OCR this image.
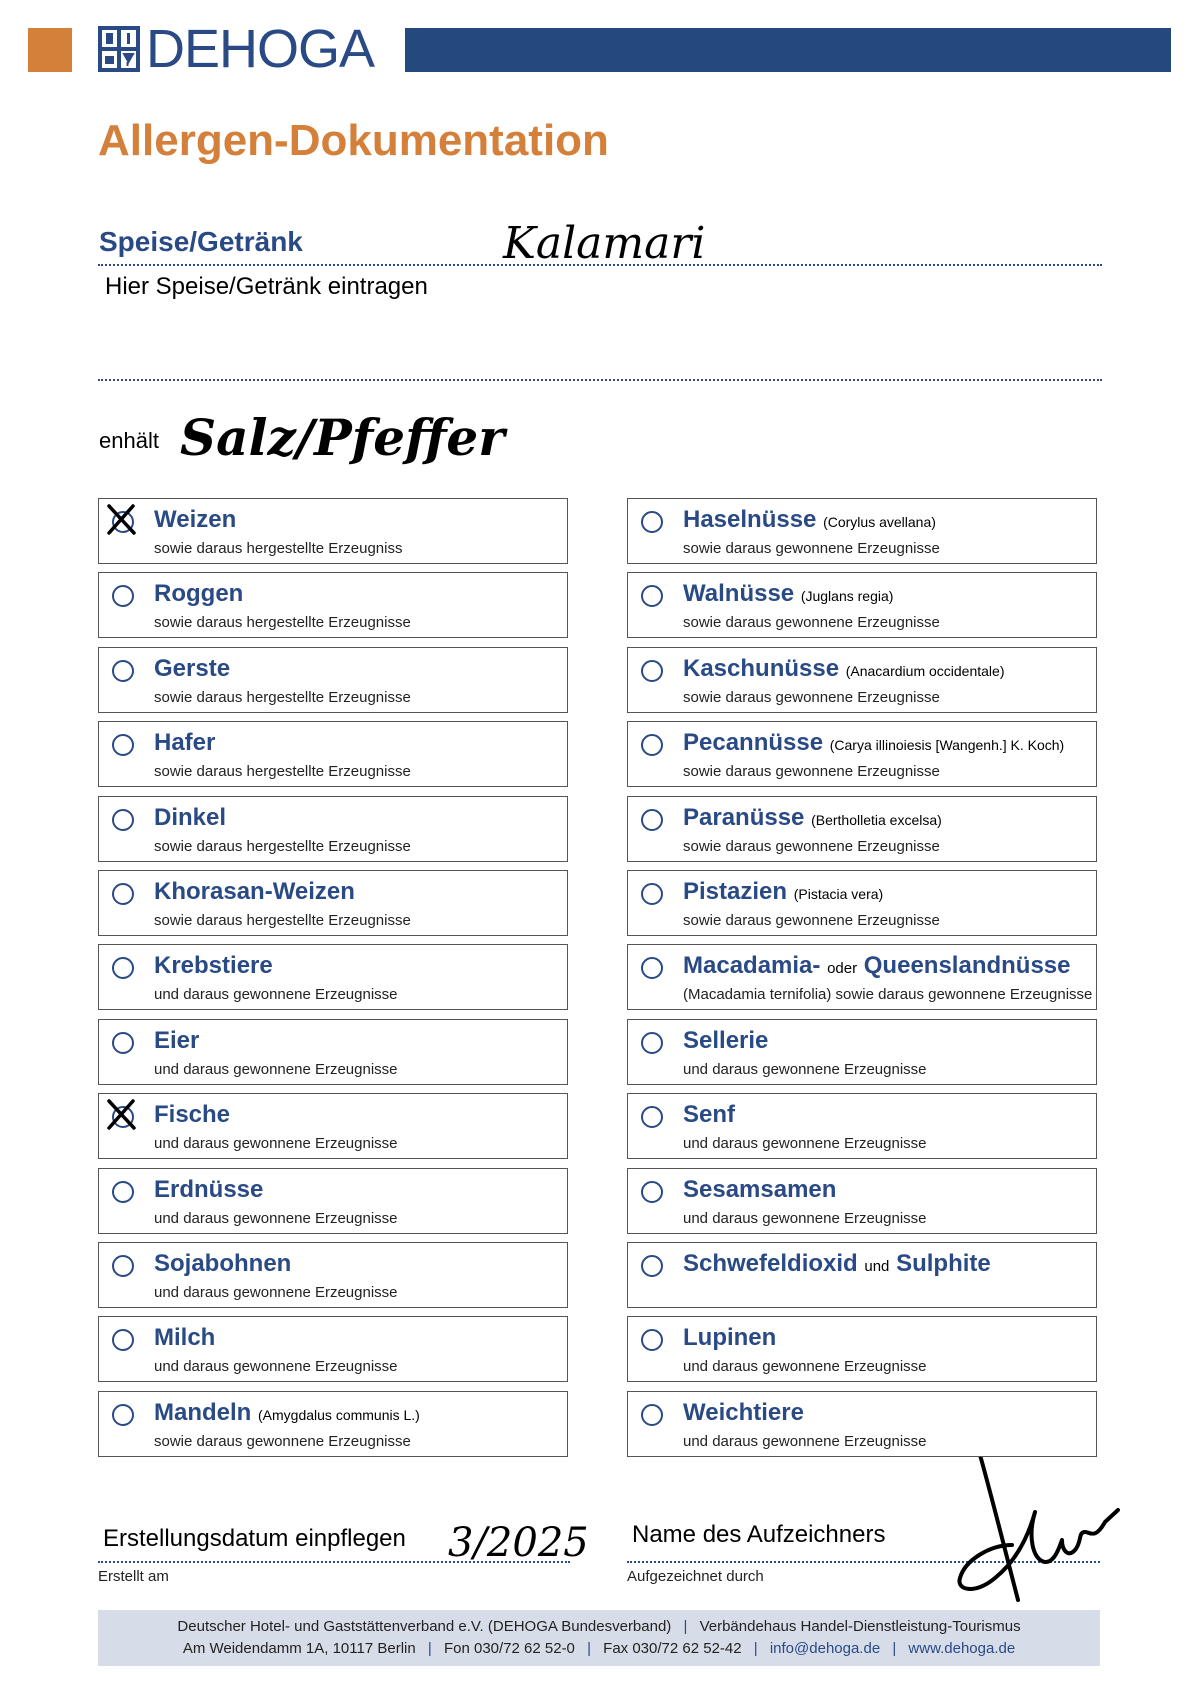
DEHOGA
Allergen-Dokumentation
Speise/Getränk	Kalamari
Hier Speise/Getränk eintragen
enhält Salz/Pfeffer
Erstellungsdatum einpflegen 3/2025
Erstellt am
Name des Aufzeichners
Aufgezeichnet durch
Deutscher Hotel- und Gaststättenverband e.V. (DEHOGA Bundesverband) | Verbändehaus Handel-Dienstleistung-Tourismus
Am Weidendamm 1A, 10117 Berlin | Fon 030/72 62 52-0 | Fax 030/72 62 52-42 | info@dehoga.de | www.dehoga.de
Weizen
sowie daraus hergestellte Erzeugniss
Roggen
sowie daraus hergestellte Erzeugnisse
Gerste
sowie daraus hergestellte Erzeugnisse
Hafer
sowie daraus hergestellte Erzeugnisse
Dinkel
sowie daraus hergestellte Erzeugnisse
Khorasan-Weizen
sowie daraus hergestellte Erzeugnisse
Krebstiere
und daraus gewonnene Erzeugnisse
Eier
und daraus gewonnene Erzeugnisse
Fische
und daraus gewonnene Erzeugnisse
Erdnüsse
und daraus gewonnene Erzeugnisse
Sojabohnen
und daraus gewonnene Erzeugnisse
Milch
und daraus gewonnene Erzeugnisse
Mandeln (Amygdalus communis L.)
sowie daraus gewonnene Erzeugnisse
Haselnüsse (Corylus avellana)
sowie daraus gewonnene Erzeugnisse
Walnüsse (Juglans regia)
sowie daraus gewonnene Erzeugnisse
Kaschunüsse (Anacardium occidentale)
sowie daraus gewonnene Erzeugnisse
Pecannüsse (Carya illinoiesis [Wangenh.] K. Koch)
sowie daraus gewonnene Erzeugnisse
Paranüsse (Bertholletia excelsa)
sowie daraus gewonnene Erzeugnisse
Pistazien (Pistacia vera)
sowie daraus gewonnene Erzeugnisse
Macadamia- oder Queenslandnüsse
(Macadamia ternifolia) sowie daraus gewonnene Erzeugnisse
Sellerie
und daraus gewonnene Erzeugnisse
Senf
und daraus gewonnene Erzeugnisse
Sesamsamen
und daraus gewonnene Erzeugnisse
Schwefeldioxid und Sulphite
Lupinen
und daraus gewonnene Erzeugnisse
Weichtiere
und daraus gewonnene Erzeugnisse
